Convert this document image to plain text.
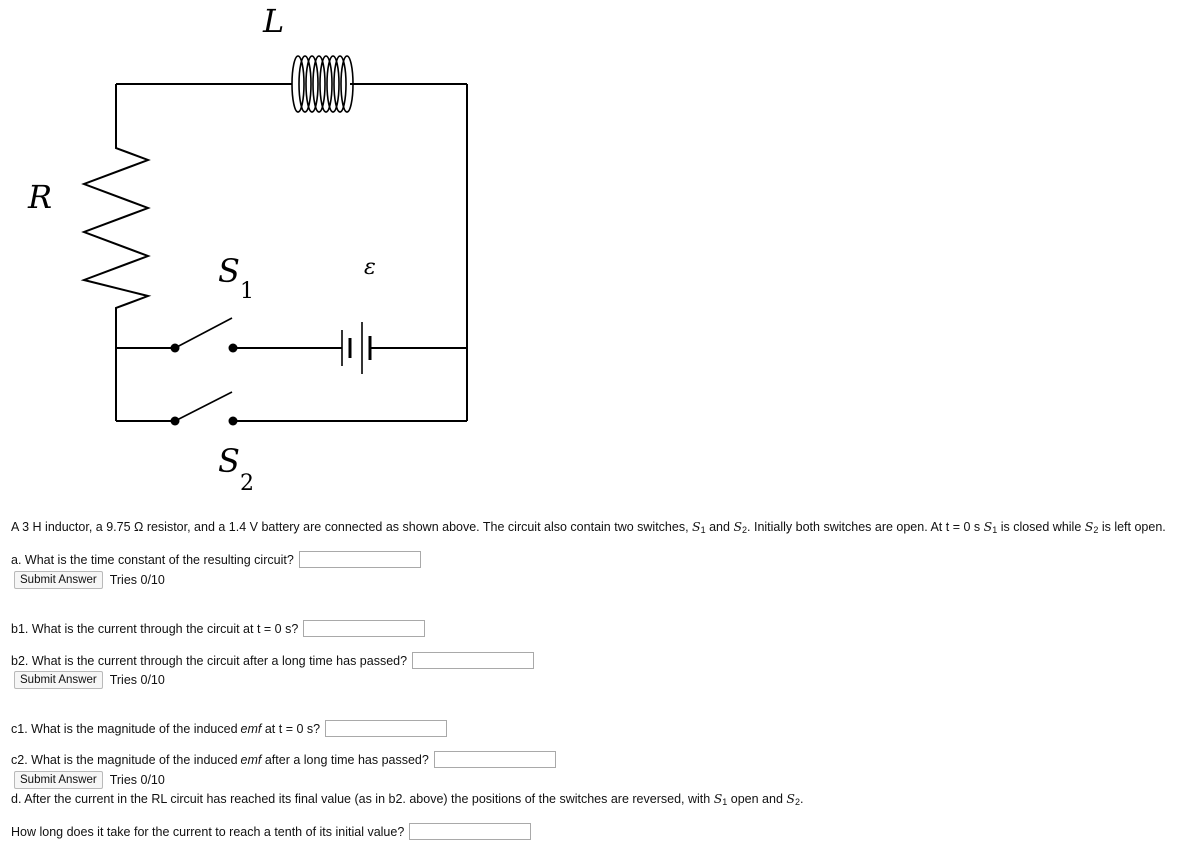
L
R
ε
S
1
S
2
A 3 H inductor, a 9.75 Ω resistor, and a 1.4 V battery are connected as shown above. The circuit also contain two switches, $S_1$ and $S_2$. Initially both switches are open. At t = 0 s $S_1$ is closed while $S_2$ is left open.
a. What is the time constant of the resulting circuit?
Submit Answer	Tries 0/10
b1. What is the current through the circuit at t = 0 s?
b2. What is the current through the circuit after a long time has passed?
Submit Answer	Tries 0/10
c1. What is the magnitude of the induced emf at t = 0 s?
c2. What is the magnitude of the induced emf after a long time has passed?
Submit Answer	Tries 0/10
d. After the current in the RL circuit has reached its final value (as in b2. above) the positions of the switches are reversed, with $S_1$ open and $S_2$.
How long does it take for the current to reach a tenth of its initial value?
